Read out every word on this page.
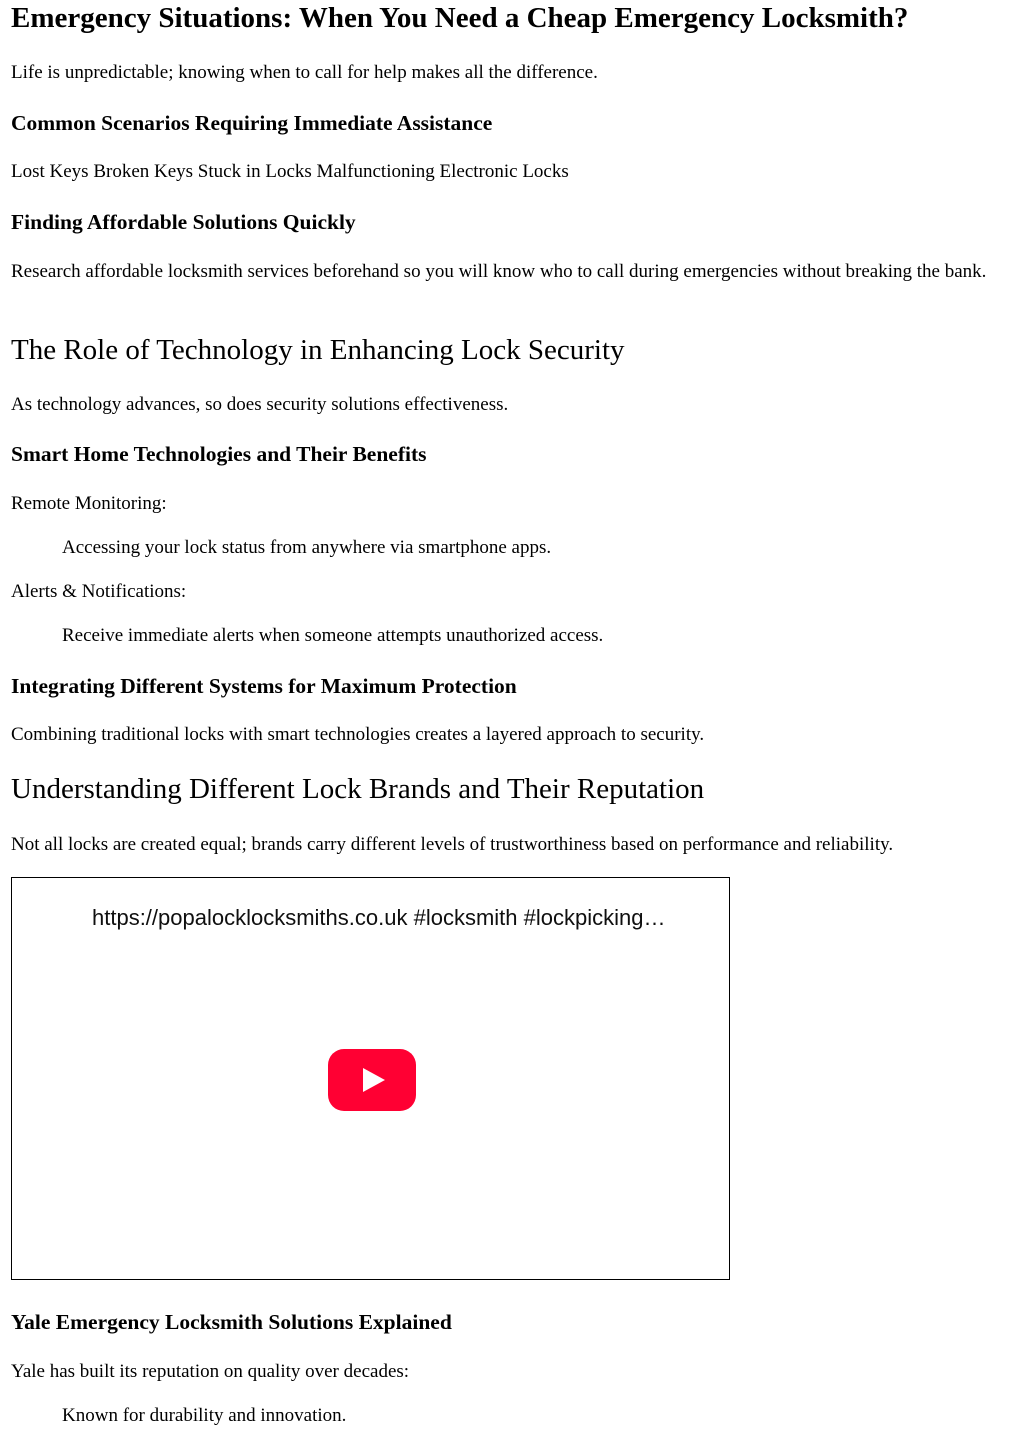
Emergency Situations: When You Need a Cheap Emergency Locksmith?

Life is unpredictable; knowing when to call for help makes all the difference.

Common Scenarios Requiring Immediate Assistance

Lost Keys Broken Keys Stuck in Locks Malfunctioning Electronic Locks

Finding Affordable Solutions Quickly

Research affordable locksmith services beforehand so you will know who to call during emergencies without breaking the bank.

The Role of Technology in Enhancing Lock Security

As technology advances, so does security solutions effectiveness.

Smart Home Technologies and Their Benefits

Remote Monitoring:

Accessing your lock status from anywhere via smartphone apps.

Alerts & Notifications:

Receive immediate alerts when someone attempts unauthorized access.

Integrating Different Systems for Maximum Protection

Combining traditional locks with smart technologies creates a layered approach to security.

Understanding Different Lock Brands and Their Reputation

Not all locks are created equal; brands carry different levels of trustworthiness based on performance and reliability.

https://popalocklocksmiths.co.uk #locksmith #lockpicking…
Yale Emergency Locksmith Solutions Explained

Yale has built its reputation on quality over decades:

Known for durability and innovation.
